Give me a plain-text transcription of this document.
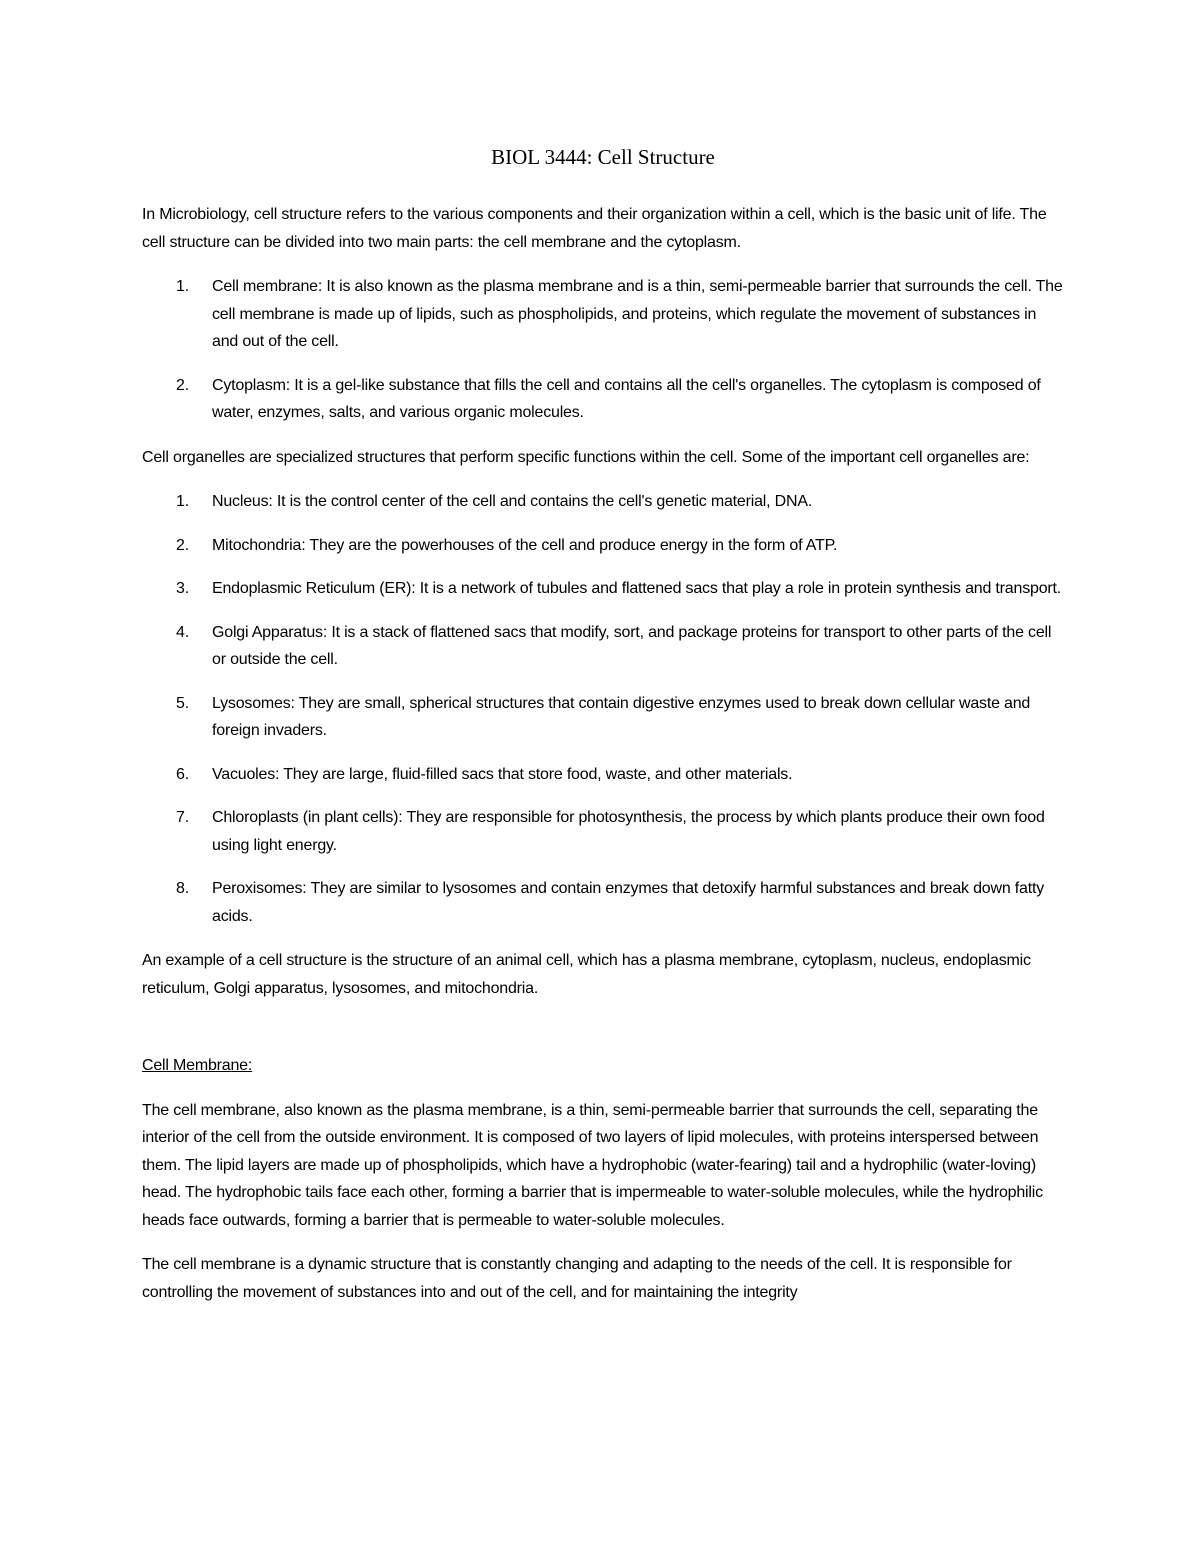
BIOL 3444: Cell Structure

In Microbiology, cell structure refers to the various components and their organization within a cell, which is the basic unit of life. The cell structure can be divided into two main parts: the cell membrane and the cytoplasm.

1. Cell membrane: It is also known as the plasma membrane and is a thin, semi-permeable barrier that surrounds the cell. The cell membrane is made up of lipids, such as phospholipids, and proteins, which regulate the movement of substances in and out of the cell.
2. Cytoplasm: It is a gel-like substance that fills the cell and contains all the cell's organelles. The cytoplasm is composed of water, enzymes, salts, and various organic molecules.

Cell organelles are specialized structures that perform specific functions within the cell. Some of the important cell organelles are:

1. Nucleus: It is the control center of the cell and contains the cell's genetic material, DNA.
2. Mitochondria: They are the powerhouses of the cell and produce energy in the form of ATP.
3. Endoplasmic Reticulum (ER): It is a network of tubules and flattened sacs that play a role in protein synthesis and transport.
4. Golgi Apparatus: It is a stack of flattened sacs that modify, sort, and package proteins for transport to other parts of the cell or outside the cell.
5. Lysosomes: They are small, spherical structures that contain digestive enzymes used to break down cellular waste and foreign invaders.
6. Vacuoles: They are large, fluid-filled sacs that store food, waste, and other materials.
7. Chloroplasts (in plant cells): They are responsible for photosynthesis, the process by which plants produce their own food using light energy.
8. Peroxisomes: They are similar to lysosomes and contain enzymes that detoxify harmful substances and break down fatty acids.

An example of a cell structure is the structure of an animal cell, which has a plasma membrane, cytoplasm, nucleus, endoplasmic reticulum, Golgi apparatus, lysosomes, and mitochondria.

Cell Membrane:

The cell membrane, also known as the plasma membrane, is a thin, semi-permeable barrier that surrounds the cell, separating the interior of the cell from the outside environment. It is composed of two layers of lipid molecules, with proteins interspersed between them. The lipid layers are made up of phospholipids, which have a hydrophobic (water-fearing) tail and a hydrophilic (water-loving) head. The hydrophobic tails face each other, forming a barrier that is impermeable to water-soluble molecules, while the hydrophilic heads face outwards, forming a barrier that is permeable to water-soluble molecules.

The cell membrane is a dynamic structure that is constantly changing and adapting to the needs of the cell. It is responsible for controlling the movement of substances into and out of the cell, and for maintaining the integrity
